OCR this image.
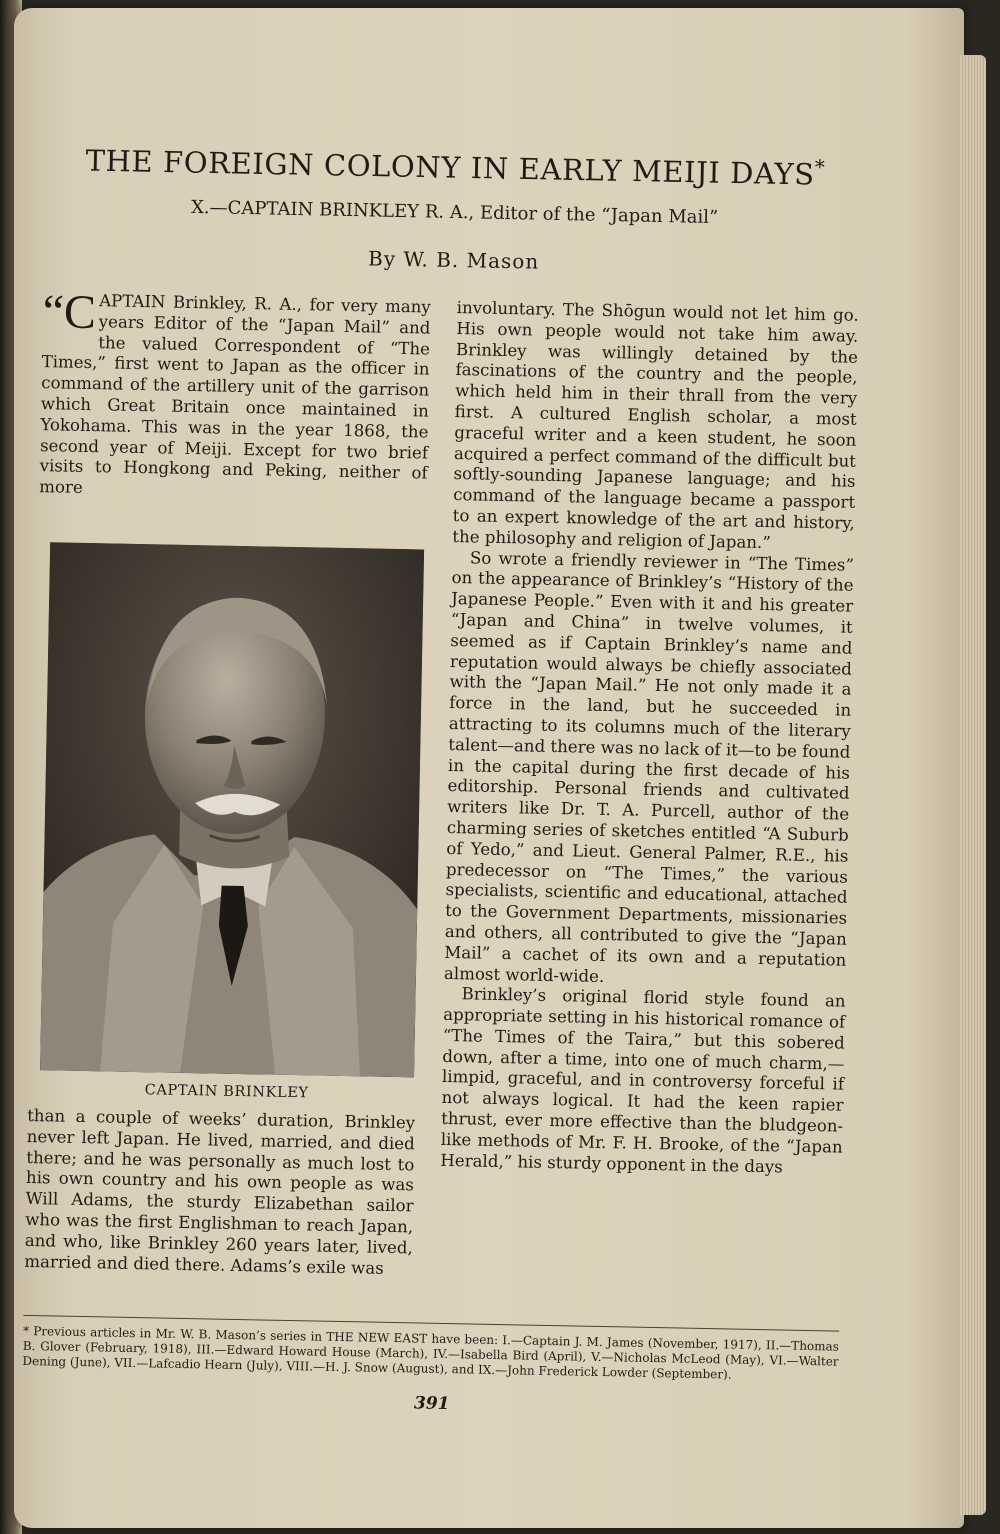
THE FOREIGN COLONY IN EARLY MEIJI DAYS*
X.—CAPTAIN BRINKLEY R. A., Editor of the “Japan Mail”
By W. B. Mason

“CAPTAIN Brinkley, R. A., for very many years Editor of the “Japan Mail” and the valued Correspondent of “The Times,” first went to Japan as the officer in command of the artillery unit of the garrison which Great Britain once maintained in Yokohama. This was in the year 1868, the second year of Meiji. Except for two brief visits to Hongkong and Peking, neither of more

CAPTAIN BRINKLEY

than a couple of weeks’ duration, Brinkley never left Japan. He lived, married, and died there; and he was personally as much lost to his own country and his own people as was Will Adams, the sturdy Elizabethan sailor who was the first Englishman to reach Japan, and who, like Brinkley 260 years later, lived, married and died there. Adams’s exile was

involuntary. The Shōgun would not let him go. His own people would not take him away. Brinkley was willingly detained by the fascinations of the country and the people, which held him in their thrall from the very first. A cultured English scholar, a most graceful writer and a keen student, he soon acquired a perfect command of the difficult but softly-sounding Japanese language; and his command of the language became a passport to an expert knowledge of the art and history, the philosophy and religion of Japan.”

So wrote a friendly reviewer in “The Times” on the appearance of Brinkley’s “History of the Japanese People.” Even with it and his greater “Japan and China” in twelve volumes, it seemed as if Captain Brinkley’s name and reputation would always be chiefly associated with the “Japan Mail.” He not only made it a force in the land, but he succeeded in attracting to its columns much of the literary talent—and there was no lack of it—to be found in the capital during the first decade of his editorship. Personal friends and cultivated writers like Dr. T. A. Purcell, author of the charming series of sketches entitled “A Suburb of Yedo,” and Lieut. General Palmer, R.E., his predecessor on “The Times,” the various specialists, scientific and educational, attached to the Government Departments, missionaries and others, all contributed to give the “Japan Mail” a cachet of its own and a reputation almost world-wide.

Brinkley’s original florid style found an appropriate setting in his historical romance of “The Times of the Taira,” but this sobered down, after a time, into one of much charm,—limpid, graceful, and in controversy forceful if not always logical. It had the keen rapier thrust, ever more effective than the bludgeon-like methods of Mr. F. H. Brooke, of the “Japan Herald,” his sturdy opponent in the days

* Previous articles in Mr. W. B. Mason’s series in THE NEW EAST have been: I.—Captain J. M. James (November, 1917), II.—Thomas B. Glover (February, 1918), III.—Edward Howard House (March), IV.—Isabella Bird (April), V.—Nicholas McLeod (May), VI.—Walter Dening (June), VII.—Lafcadio Hearn (July), VIII.—H. J. Snow (August), and IX.—John Frederick Lowder (September).
391
